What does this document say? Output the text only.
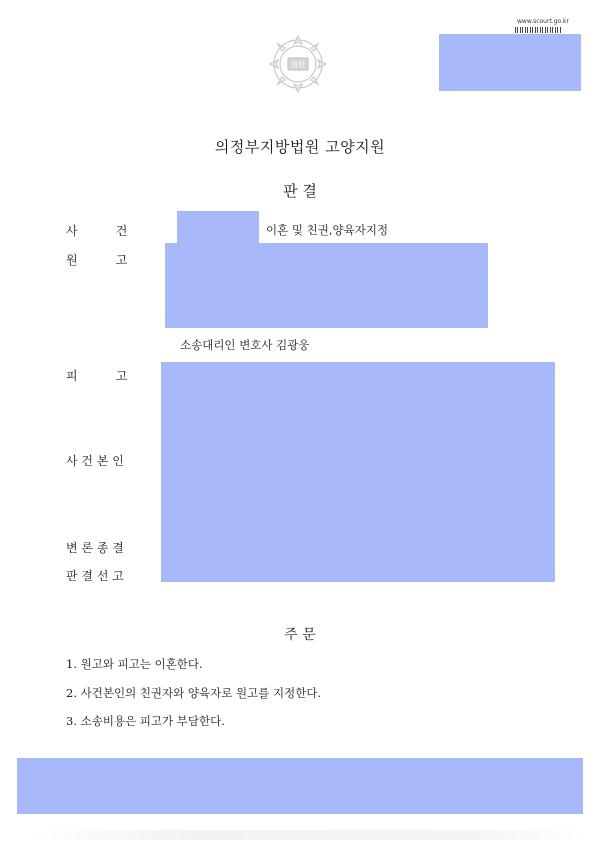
법원
www.scourt.go.kr
의정부지방법원 고양지원
판 결
사          건	이혼 및 친권,양육자지정
원          고
소송대리인 변호사 김광웅
피          고
사 건 본 인
변 론 종 결
판 결 선 고
주 문
1. 원고와 피고는 이혼한다.
2. 사건본인의 친권자와 양육자로 원고를 지정한다.
3. 소송비용은 피고가 부담한다.
